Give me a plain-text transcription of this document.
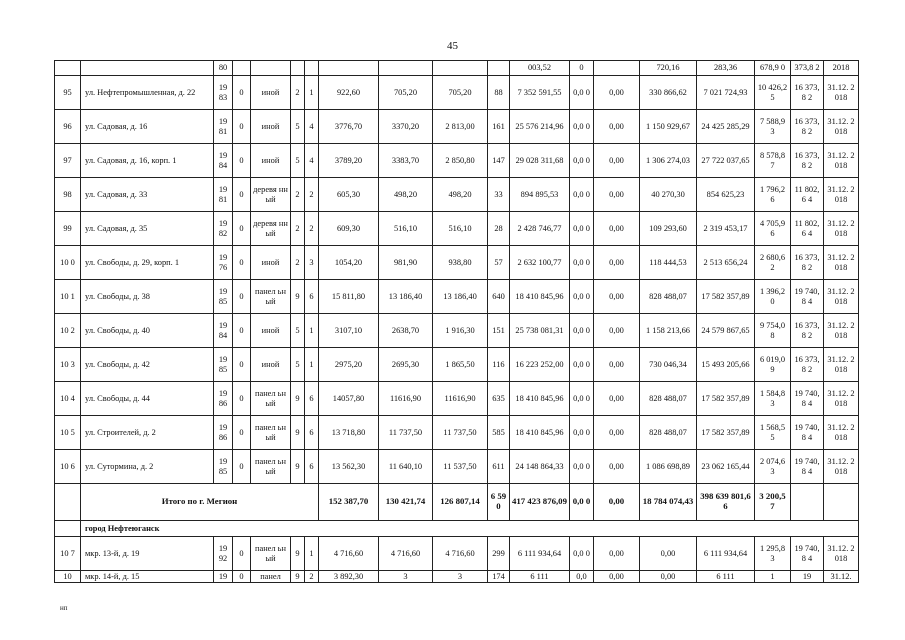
45
		80									003,52	0		720,16	283,36	678,9 0	373,8 2	2018
95	ул. Нефтепромышленная, д. 22	19 83	0	иной	2	1	922,60	705,20	705,20	88	7 352 591,55	0,0 0	0,00	330 866,62	7 021 724,93	10 426,2 5	16 373,8 2	31.12. 2018
96	ул. Садовая, д. 16	19 81	0	иной	5	4	3776,70	3370,20	2 813,00	161	25 576 214,96	0,0 0	0,00	1 150 929,67	24 425 285,29	7 588,9 3	16 373,8 2	31.12. 2018
97	ул. Садовая, д. 16, корп. 1	19 84	0	иной	5	4	3789,20	3383,70	2 850,80	147	29 028 311,68	0,0 0	0,00	1 306 274,03	27 722 037,65	8 578,8 7	16 373,8 2	31.12. 2018
98	ул. Садовая, д. 33	19 81	0	деревя нный	2	2	605,30	498,20	498,20	33	894 895,53	0,0 0	0,00	40 270,30	854 625,23	1 796,2 6	11 802,6 4	31.12. 2018
99	ул. Садовая, д. 35	19 82	0	деревя нный	2	2	609,30	516,10	516,10	28	2 428 746,77	0,0 0	0,00	109 293,60	2 319 453,17	4 705,9 6	11 802,6 4	31.12. 2018
10 0	ул. Свободы, д. 29, корп. 1	19 76	0	иной	2	3	1054,20	981,90	938,80	57	2 632 100,77	0,0 0	0,00	118 444,53	2 513 656,24	2 680,6 2	16 373,8 2	31.12. 2018
10 1	ул. Свободы, д. 38	19 85	0	панел ьный	9	6	15 811,80	13 186,40	13 186,40	640	18 410 845,96	0,0 0	0,00	828 488,07	17 582 357,89	1 396,2 0	19 740,8 4	31.12. 2018
10 2	ул. Свободы, д. 40	19 84	0	иной	5	1	3107,10	2638,70	1 916,30	151	25 738 081,31	0,0 0	0,00	1 158 213,66	24 579 867,65	9 754,0 8	16 373,8 2	31.12. 2018
10 3	ул. Свободы, д. 42	19 85	0	иной	5	1	2975,20	2695,30	1 865,50	116	16 223 252,00	0,0 0	0,00	730 046,34	15 493 205,66	6 019,0 9	16 373,8 2	31.12. 2018
10 4	ул. Свободы, д. 44	19 86	0	панел ьный	9	6	14057,80	11616,90	11616,90	635	18 410 845,96	0,0 0	0,00	828 488,07	17 582 357,89	1 584,8 3	19 740,8 4	31.12. 2018
10 5	ул. Строителей, д. 2	19 86	0	панел ьный	9	6	13 718,80	11 737,50	11 737,50	585	18 410 845,96	0,0 0	0,00	828 488,07	17 582 357,89	1 568,5 5	19 740,8 4	31.12. 2018
10 6	ул. Сутормина, д. 2	19 85	0	панел ьный	9	6	13 562,30	11 640,10	11 537,50	611	24 148 864,33	0,0 0	0,00	1 086 698,89	23 062 165,44	2 074,6 3	19 740,8 4	31.12. 2018
	Итого по г. Мегион						152 387,70	130 421,74	126 807,14	6 590	417 423 876,09	0,0 0	0,00	18 784 074,43	398 639 801,66	3 200,5 7		
	город Нефтеюганск																	
10 7	мкр. 13-й, д. 19	19 92	0	панел ьный	9	1	4 716,60	4 716,60	4 716,60	299	6 111 934,64	0,0 0	0,00	0,00	6 111 934,64	1 295,8 3	19 740,8 4	31.12. 2018
10	мкр. 14-й, д. 15	19	0	панел	9	2	3 892,30	3	3	174	6 111	0,0	0,00	0,00	6 111	1	19	31.12.
нп
